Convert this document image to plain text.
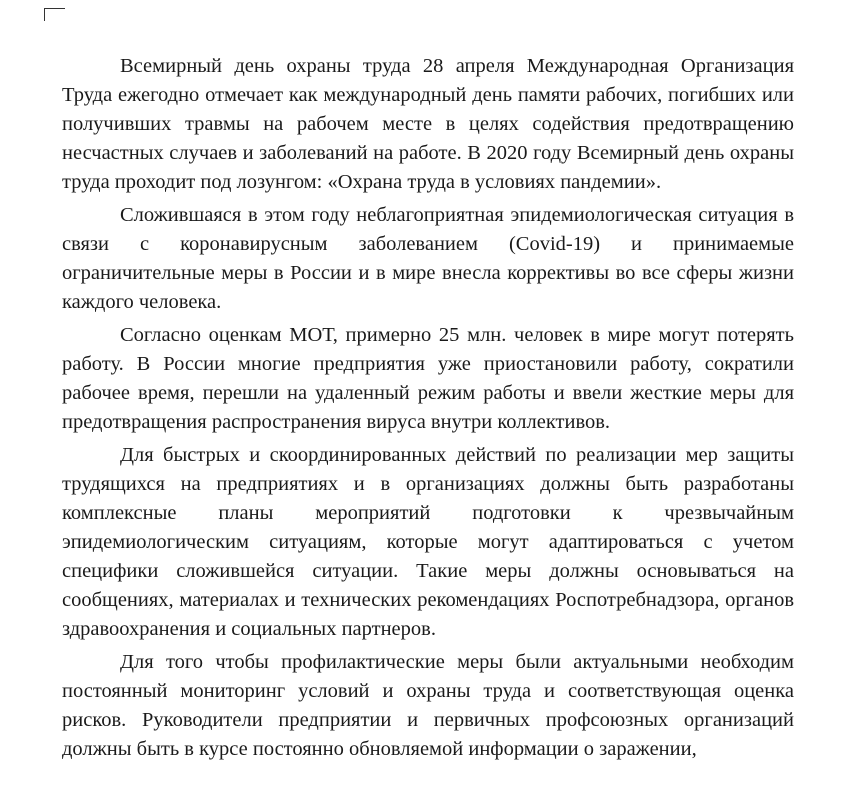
Всемирный день охраны труда 28 апреля Международная Организация Труда ежегодно отмечает как международный день памяти рабочих, погибших или получивших травмы на рабочем месте в целях содействия предотвращению несчастных случаев и заболеваний на работе. В 2020 году Всемирный день охраны труда проходит под лозунгом: «Охрана труда в условиях пандемии».

Сложившаяся в этом году неблагоприятная эпидемиологическая ситуация в связи с коронавирусным заболеванием (Covid-19) и принимаемые ограничительные меры в России и в мире внесла коррективы во все сферы жизни каждого человека.

Согласно оценкам МОТ, примерно 25 млн. человек в мире могут потерять работу. В России многие предприятия уже приостановили работу, сократили рабочее время, перешли на удаленный режим работы и ввели жесткие меры для предотвращения распространения вируса внутри коллективов.

Для быстрых и скоординированных действий по реализации мер защиты трудящихся на предприятиях и в организациях должны быть разработаны комплексные планы мероприятий подготовки к чрезвычайным эпидемиологическим ситуациям, которые могут адаптироваться с учетом специфики сложившейся ситуации. Такие меры должны основываться на сообщениях, материалах и технических рекомендациях Роспотребнадзора, органов здравоохранения и социальных партнеров.

Для того чтобы профилактические меры были актуальными необходим постоянный мониторинг условий и охраны труда и соответствующая оценка рисков. Руководители предприятии и первичных профсоюзных организаций должны быть в курсе постоянно обновляемой информации о заражении,
